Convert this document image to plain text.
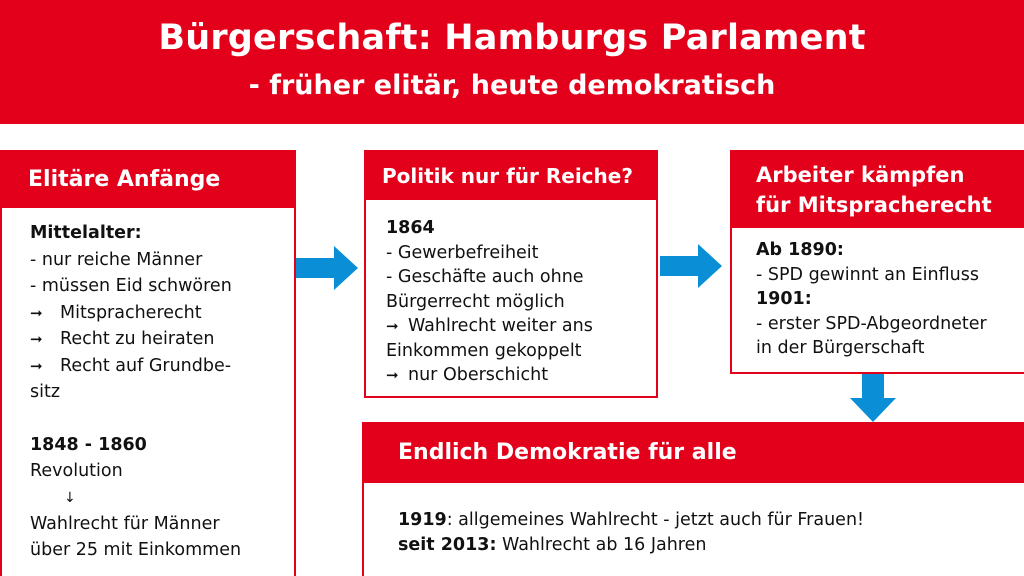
Bürgerschaft: Hamburgs Parlament
- früher elitär, heute demokratisch
Elitäre Anfänge
Mittelalter:
- nur reiche Männer
- müssen Eid schwören
➞ Mitspracherecht
➞ Recht zu heiraten
➞ Recht auf Grundbe-
sitz
1848 - 1860
Revolution
↓
Wahlrecht für Männer
über 25 mit Einkommen
Politik nur für Reiche?
1864
- Gewerbefreiheit
- Geschäfte auch ohne
Bürgerrecht möglich
➞ Wahlrecht weiter ans
Einkommen gekoppelt
➞ nur Oberschicht
Arbeiter kämpfen
für Mitspracherecht
Ab 1890:
- SPD gewinnt an Einfluss
1901:
- erster SPD-Abgeordneter
in der Bürgerschaft
Endlich Demokratie für alle
1919: allgemeines Wahlrecht - jetzt auch für Frauen!
seit 2013: Wahlrecht ab 16 Jahren
